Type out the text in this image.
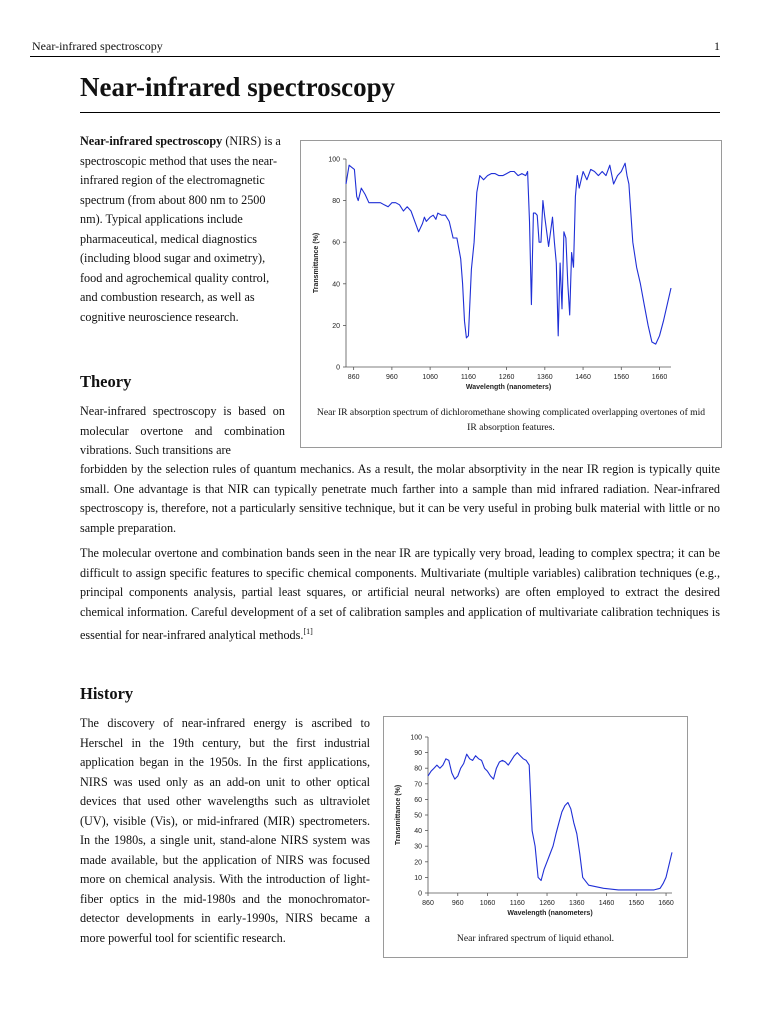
Near-infrared spectroscopy	1
Near-infrared spectroscopy

Near-infrared spectroscopy (NIRS) is a spectroscopic method that uses the near-infrared region of the electromagnetic spectrum (from about 800 nm to 2500 nm). Typical applications include pharmaceutical, medical diagnostics (including blood sugar and oximetry), food and agrochemical quality control, and combustion research, as well as cognitive neuroscience research.

0
20
40
60
80
100
860	960	1060	1160	1260	1360	1460	1560	1660
Wavelength (nanometers)
Transmittance (%)

Near IR absorption spectrum of dichloromethane showing complicated overlapping overtones of mid IR absorption features.

Theory

Near-infrared spectroscopy is based on molecular overtone and combination vibrations. Such transitions are

forbidden by the selection rules of quantum mechanics. As a result, the molar absorptivity in the near IR region is typically quite small. One advantage is that NIR can typically penetrate much farther into a sample than mid infrared radiation. Near-infrared spectroscopy is, therefore, not a particularly sensitive technique, but it can be very useful in probing bulk material with little or no sample preparation.

The molecular overtone and combination bands seen in the near IR are typically very broad, leading to complex spectra; it can be difficult to assign specific features to specific chemical components. Multivariate (multiple variables) calibration techniques (e.g., principal components analysis, partial least squares, or artificial neural networks) are often employed to extract the desired chemical information. Careful development of a set of calibration samples and application of multivariate calibration techniques is essential for near-infrared analytical methods.[1]

History

The discovery of near-infrared energy is ascribed to Herschel in the 19th century, but the first industrial application began in the 1950s. In the first applications, NIRS was used only as an add-on unit to other optical devices that used other wavelengths such as ultraviolet (UV), visible (Vis), or mid-infrared (MIR) spectrometers. In the 1980s, a single unit, stand-alone NIRS system was made available, but the application of NIRS was focused more on chemical analysis. With the introduction of light-fiber optics in the mid-1980s and the monochromator-detector developments in early-1990s, NIRS became a more powerful tool for scientific research.

0
10
20
30
40
50
60
70
80
90
100
860	960 1060 1160 1260 1360 1460 1560 1660
Wavelength (nanometers)
Transmittance (%)

Near infrared spectrum of liquid ethanol.
